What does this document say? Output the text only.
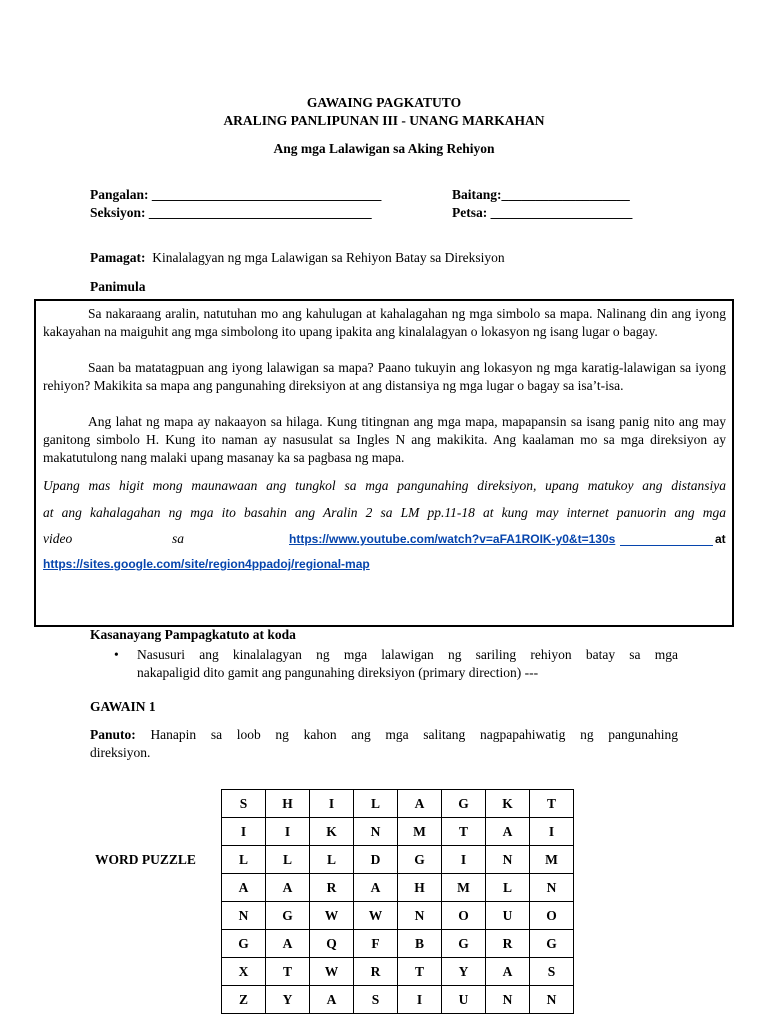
GAWAING PAGKATUTO
ARALING PANLIPUNAN III - UNANG MARKAHAN
Ang mga Lalawigan sa Aking Rehiyon
Pangalan: __________________________________	Baitang:___________________
Seksiyon: _________________________________	Petsa: _____________________
Pamagat: Kinalalagyan ng mga Lalawigan sa Rehiyon Batay sa Direksiyon
Panimula
Sa nakaraang aralin, natutuhan mo ang kahulugan at kahalagahan ng mga simbolo sa mapa. Nalinang din ang iyong kakayahan na maiguhit ang mga simbolong ito upang ipakita ang kinalalagyan o lokasyon ng isang lugar o bagay.
Saan ba matatagpuan ang iyong lalawigan sa mapa? Paano tukuyin ang lokasyon ng mga karatig-lalawigan sa iyong rehiyon? Makikita sa mapa ang pangunahing direksiyon at ang distansiya ng mga lugar o bagay sa isa’t-isa.
Ang lahat ng mapa ay nakaayon sa hilaga. Kung titingnan ang mga mapa, mapapansin sa isang panig nito ang may ganitong simbolo H. Kung ito naman ay nasusulat sa Ingles N ang makikita. Ang kaalaman mo sa mga direksiyon ay makatutulong nang malaki upang masanay ka sa pagbasa ng mapa.
Upang mas higit mong maunawaan ang tungkol sa mga pangunahing direksiyon, upang matukoy ang distansiya
at ang kahalagahan ng mga ito basahin ang Aralin 2 sa LM pp.11-18 at kung may internet panuorin ang mga
video	sa	https://www.youtube.com/watch?v=aFA1ROIK-y0&t=130s	at
https://sites.google.com/site/region4ppadoj/regional-map
Kasanayang Pampagkatuto at koda
• Nasusuri ang kinalalagyan ng mga lalawigan ng sariling rehiyon batay sa mga
nakapaligid dito gamit ang pangunahing direksiyon (primary direction) ---
GAWAIN 1
Panuto: Hanapin sa loob ng kahon ang mga salitang nagpapahiwatig ng pangunahing
direksiyon.
WORD PUZZLE
S	H	I	L	A	G	K	T
I	I	K	N	M	T	A	I
L	L	L	D	G	I	N	M
A	A	R	A	H	M	L	N
N	G	W	W	N	O	U	O
G	A	Q	F	B	G	R	G
X	T	W	R	T	Y	A	S
Z	Y	A	S	I	U	N	N
